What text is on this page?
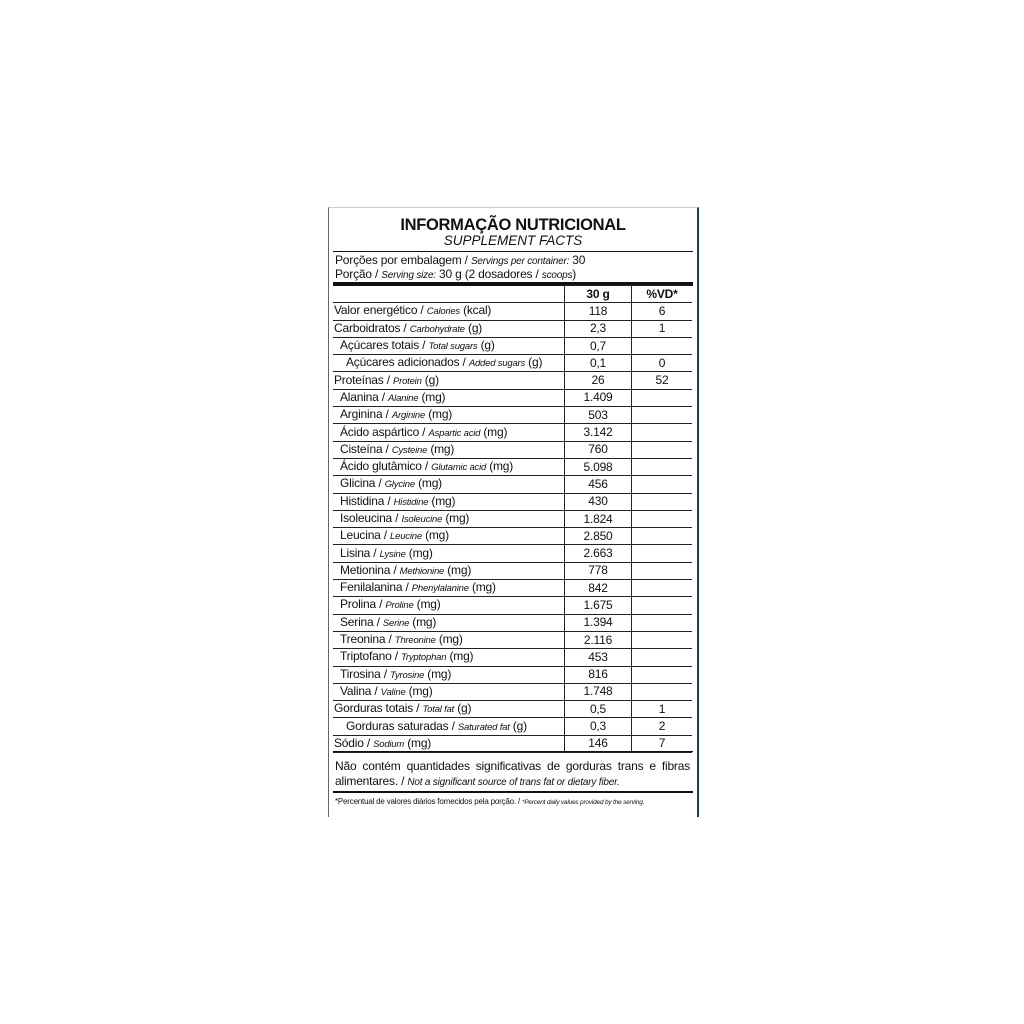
INFORMAÇÃO NUTRICIONAL
SUPPLEMENT FACTS
Porções por embalagem / Servings per container: 30
Porção / Serving size: 30 g (2 dosadores / scoops)
	30 g	%VD*
Valor energético / Calories (kcal)	118	6
Carboidratos / Carbohydrate (g)	2,3	1
Açúcares totais / Total sugars (g)	0,7	
Açúcares adicionados / Added sugars (g)	0,1	0
Proteínas / Protein (g)	26	52
Alanina / Alanine (mg)	1.409	
Arginina / Arginine (mg)	503	
Ácido aspártico / Aspartic acid (mg)	3.142	
Cisteína / Cysteine (mg)	760	
Ácido glutâmico / Glutamic acid (mg)	5.098	
Glicina / Glycine (mg)	456	
Histidina / Histidine (mg)	430	
Isoleucina / Isoleucine (mg)	1.824	
Leucina / Leucine (mg)	2.850	
Lisina / Lysine (mg)	2.663	
Metionina / Methionine (mg)	778	
Fenilalanina / Phenylalanine (mg)	842	
Prolina / Proline (mg)	1.675	
Serina / Serine (mg)	1.394	
Treonina / Threonine (mg)	2.116	
Triptofano / Tryptophan (mg)	453	
Tirosina / Tyrosine (mg)	816	
Valina / Valine (mg)	1.748	
Gorduras totais / Total fat (g)	0,5	1
Gorduras saturadas / Saturated fat (g)	0,3	2
Sódio / Sodium (mg)	146	7
Não contém quantidades significativas de gorduras trans e fibras alimentares. / Not a significant source of trans fat or dietary fiber.
*Percentual de valores diários fornecidos pela porção. / *Percent daily values provided by the serving.
